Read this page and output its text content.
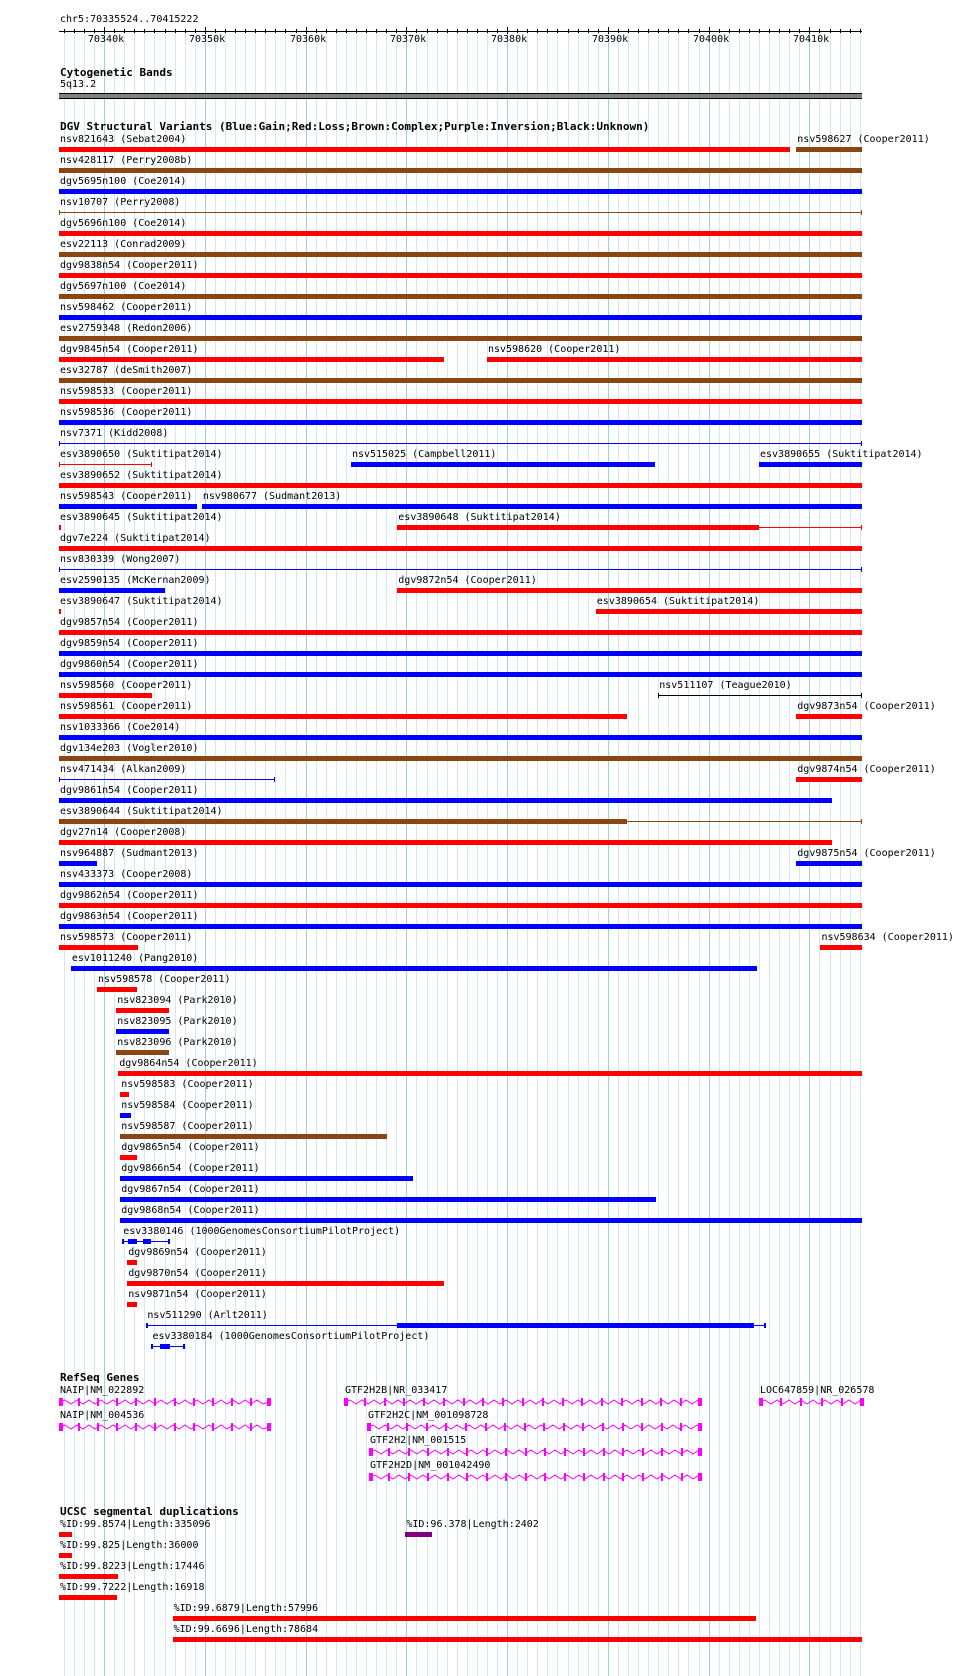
chr5:70335524..70415222
70340k	70350k	70360k	70370k	70380k	70390k	70400k	70410k
Cytogenetic Bands
5q13.2
DGV Structural Variants (Blue:Gain;Red:Loss;Brown:Complex;Purple:Inversion;Black:Unknown)
nsv821643 (Sebat2004)	nsv598627 (Cooper2011)
nsv428117 (Perry2008b)
dgv5695n100 (Coe2014)
nsv10707 (Perry2008)
dgv5696n100 (Coe2014)
esv22113 (Conrad2009)
dgv9838n54 (Cooper2011)
dgv5697n100 (Coe2014)
nsv598462 (Cooper2011)
esv2759348 (Redon2006)
dgv9845n54 (Cooper2011)	nsv598620 (Cooper2011)
esv32787 (deSmith2007)
nsv598533 (Cooper2011)
nsv598536 (Cooper2011)
nsv7371 (Kidd2008)
esv3890650 (Suktitipat2014)	nsv515025 (Campbell2011)	esv3890655 (Suktitipat2014)
esv3890652 (Suktitipat2014)
nsv598543 (Cooper2011) nsv980677 (Sudmant2013)
esv3890645 (Suktitipat2014)	esv3890648 (Suktitipat2014)
dgv7e224 (Suktitipat2014)
nsv830339 (Wong2007)
esv2590135 (McKernan2009)	dgv9872n54 (Cooper2011)
esv3890647 (Suktitipat2014)	esv3890654 (Suktitipat2014)
dgv9857n54 (Cooper2011)
dgv9859n54 (Cooper2011)
dgv9860n54 (Cooper2011)
nsv598560 (Cooper2011)	nsv511107 (Teague2010)
nsv598561 (Cooper2011)	dgv9873n54 (Cooper2011)
nsv1033366 (Coe2014)
dgv134e203 (Vogler2010)
nsv471434 (Alkan2009)	dgv9874n54 (Cooper2011)
dgv9861n54 (Cooper2011)
esv3890644 (Suktitipat2014)
dgv27n14 (Cooper2008)
nsv964887 (Sudmant2013)	dgv9875n54 (Cooper2011)
nsv433373 (Cooper2008)
dgv9862n54 (Cooper2011)
dgv9863n54 (Cooper2011)
nsv598573 (Cooper2011)	nsv598634 (Cooper2011)
esv1011240 (Pang2010)
nsv598578 (Cooper2011)
nsv823094 (Park2010)
nsv823095 (Park2010)
nsv823096 (Park2010)
dgv9864n54 (Cooper2011)
nsv598583 (Cooper2011)
nsv598584 (Cooper2011)
nsv598587 (Cooper2011)
dgv9865n54 (Cooper2011)
dgv9866n54 (Cooper2011)
dgv9867n54 (Cooper2011)
dgv9868n54 (Cooper2011)
esv3380146 (1000GenomesConsortiumPilotProject)
dgv9869n54 (Cooper2011)
dgv9870n54 (Cooper2011)
nsv9871n54 (Cooper2011)
nsv511290 (Arlt2011)
esv3380184 (1000GenomesConsortiumPilotProject)
RefSeq Genes
NAIP|NM_022892	GTF2H2B|NR_033417	LOC647859|NR_026578
NAIP|NM_004536	GTF2H2C|NM_001098728
GTF2H2|NM_001515
GTF2H2D|NM_001042490
UCSC segmental duplications
%ID:99.8574|Length:335096	%ID:96.378|Length:2402
%ID:99.825|Length:36000
%ID:99.8223|Length:17446
%ID:99.7222|Length:16918
%ID:99.6879|Length:57996
%ID:99.6696|Length:78684
